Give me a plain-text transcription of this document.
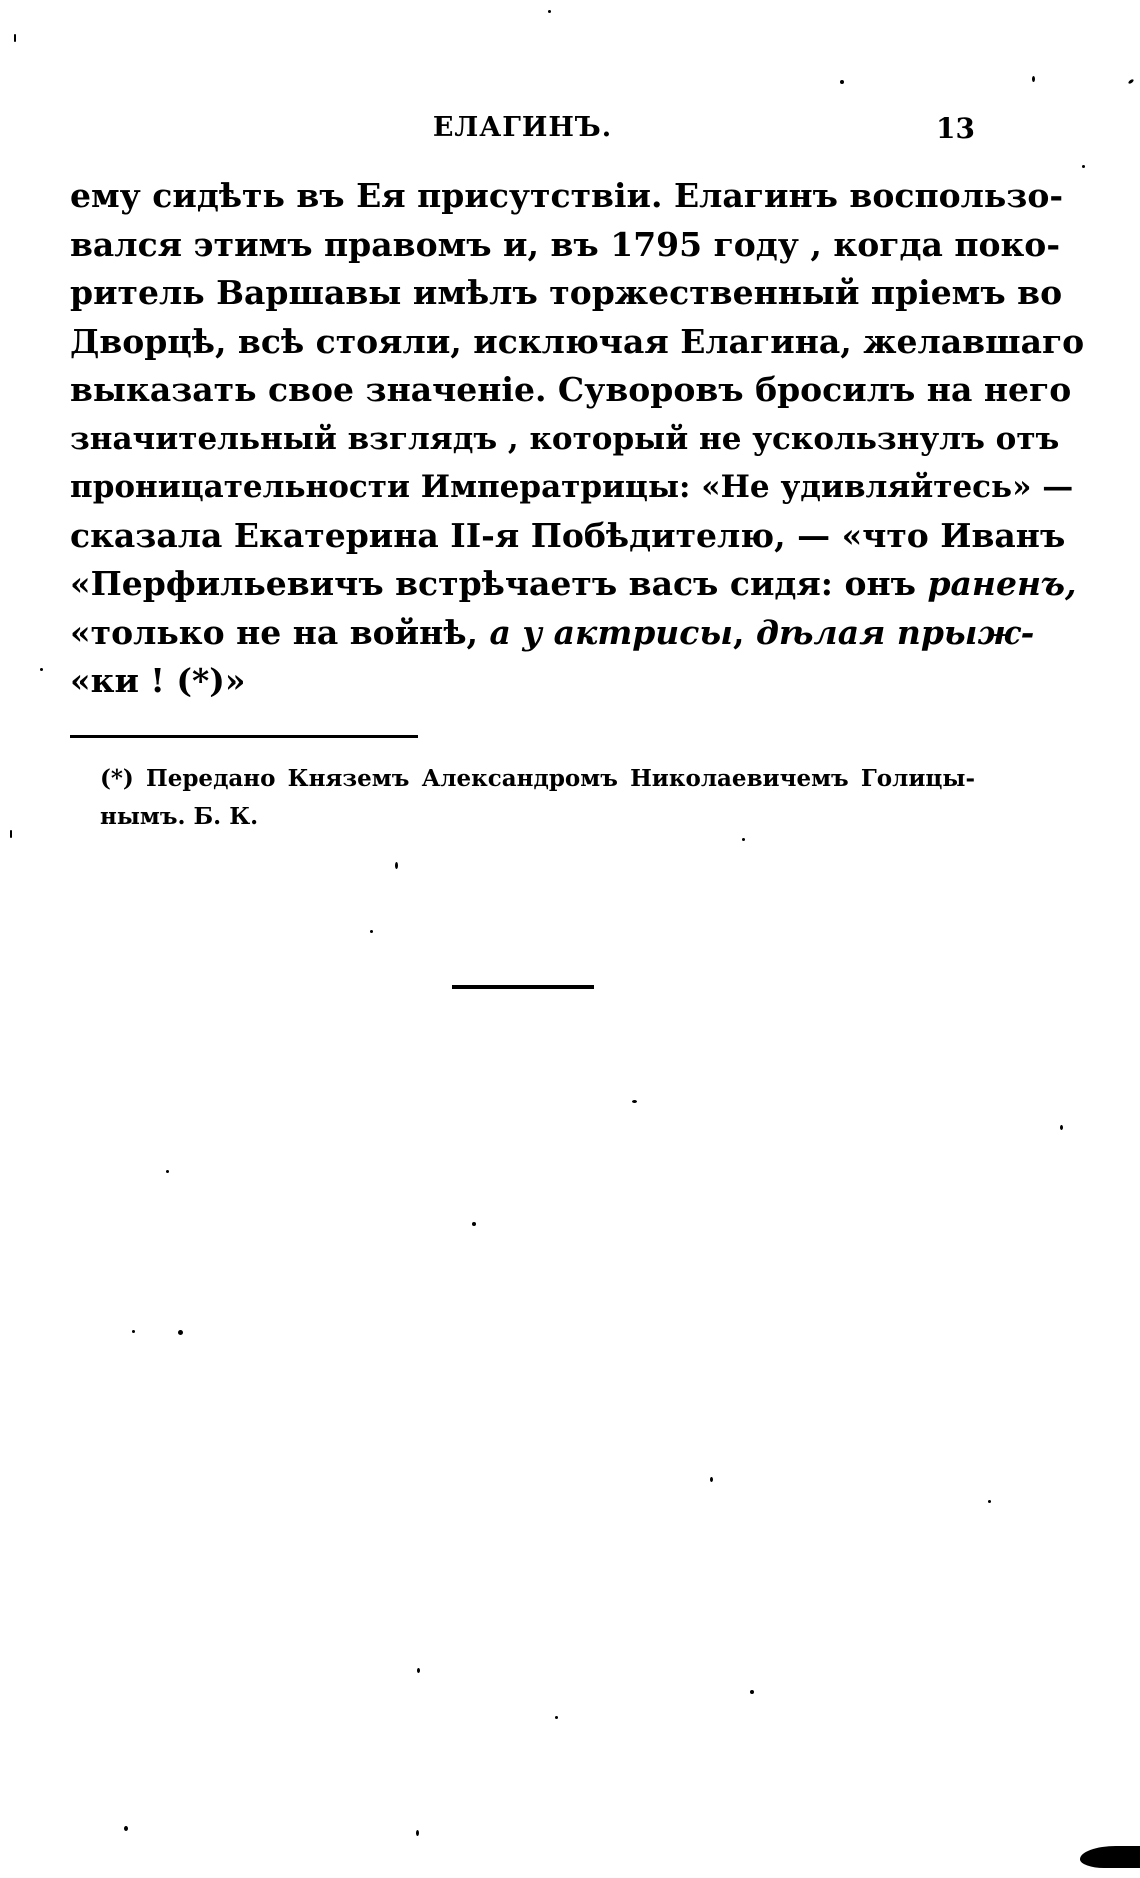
ЕЛАГИНЪ.	13
ему сидѣть въ Ея присутствіи. Елагинъ воспользо-
вался этимъ правомъ и, въ 1795 году , когда поко-
ритель Варшавы имѣлъ торжественный пріемъ во
Дворцѣ, всѣ стояли, исключая Елагина, желавшаго
выказать свое значеніе. Суворовъ бросилъ на него
значительный взглядъ , который не ускользнулъ отъ
проницательности Императрицы: «Не удивляйтесь» —
сказала Екатерина II-я Побѣдителю, — «что Иванъ
«Перфильевичъ встрѣчаетъ васъ сидя: онъ раненъ,
«только не на войнѣ, а у актрисы, дѣлая прыж-
«ки ! (*)»
(*) Передано Княземъ Александромъ Николаевичемъ Голицы-
нымъ. Б. К.
